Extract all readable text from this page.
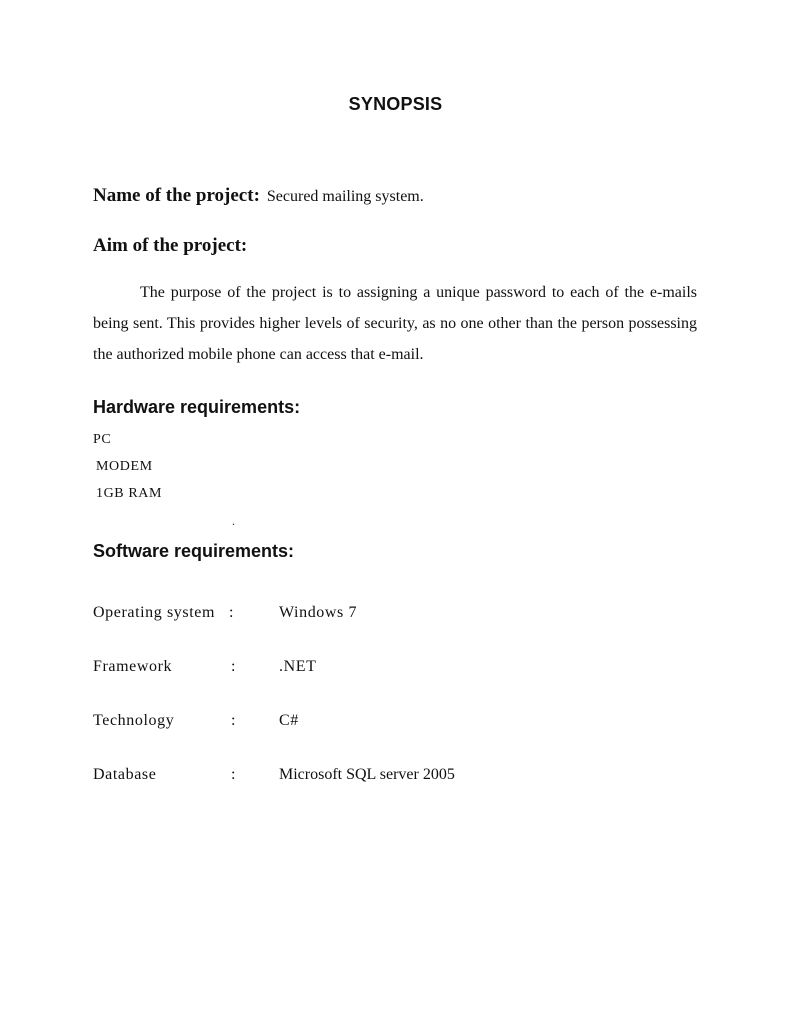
SYNOPSIS
Name of the project: Secured mailing system.
Aim of the project:
The purpose of the project is to assigning a unique password to each of the e-mails being sent. This provides higher levels of security, as no one other than the person possessing the authorized mobile phone can access that e-mail.
Hardware requirements:
PC
MODEM
1GB RAM
.
Software requirements:
Operating system :	Windows 7
Framework	:	.NET
Technology	:	C#
Database	:	Microsoft SQL server 2005
